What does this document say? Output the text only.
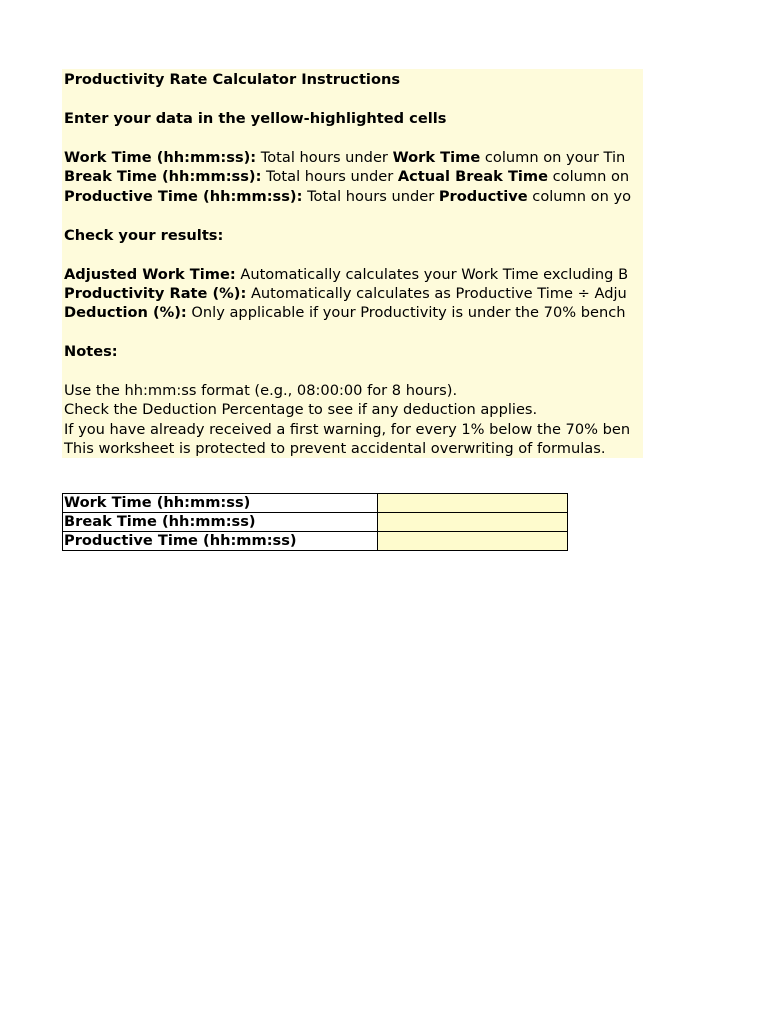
Productivity Rate Calculator Instructions
Enter your data in the yellow-highlighted cells
Work Time (hh:mm:ss): Total hours under Work Time column on your Tin
Break Time (hh:mm:ss): Total hours under Actual Break Time column on
Productive Time (hh:mm:ss): Total hours under Productive column on yo
Check your results:
Adjusted Work Time: Automatically calculates your Work Time excluding B
Productivity Rate (%): Automatically calculates as Productive Time ÷ Adju
Deduction (%): Only applicable if your Productivity is under the 70% bench
Notes:
Use the hh:mm:ss format (e.g., 08:00:00 for 8 hours).
Check the Deduction Percentage to see if any deduction applies.
If you have already received a first warning, for every 1% below the 70% ben
This worksheet is protected to prevent accidental overwriting of formulas.
Work Time (hh:mm:ss)	
Break Time (hh:mm:ss)	
Productive Time (hh:mm:ss)	
